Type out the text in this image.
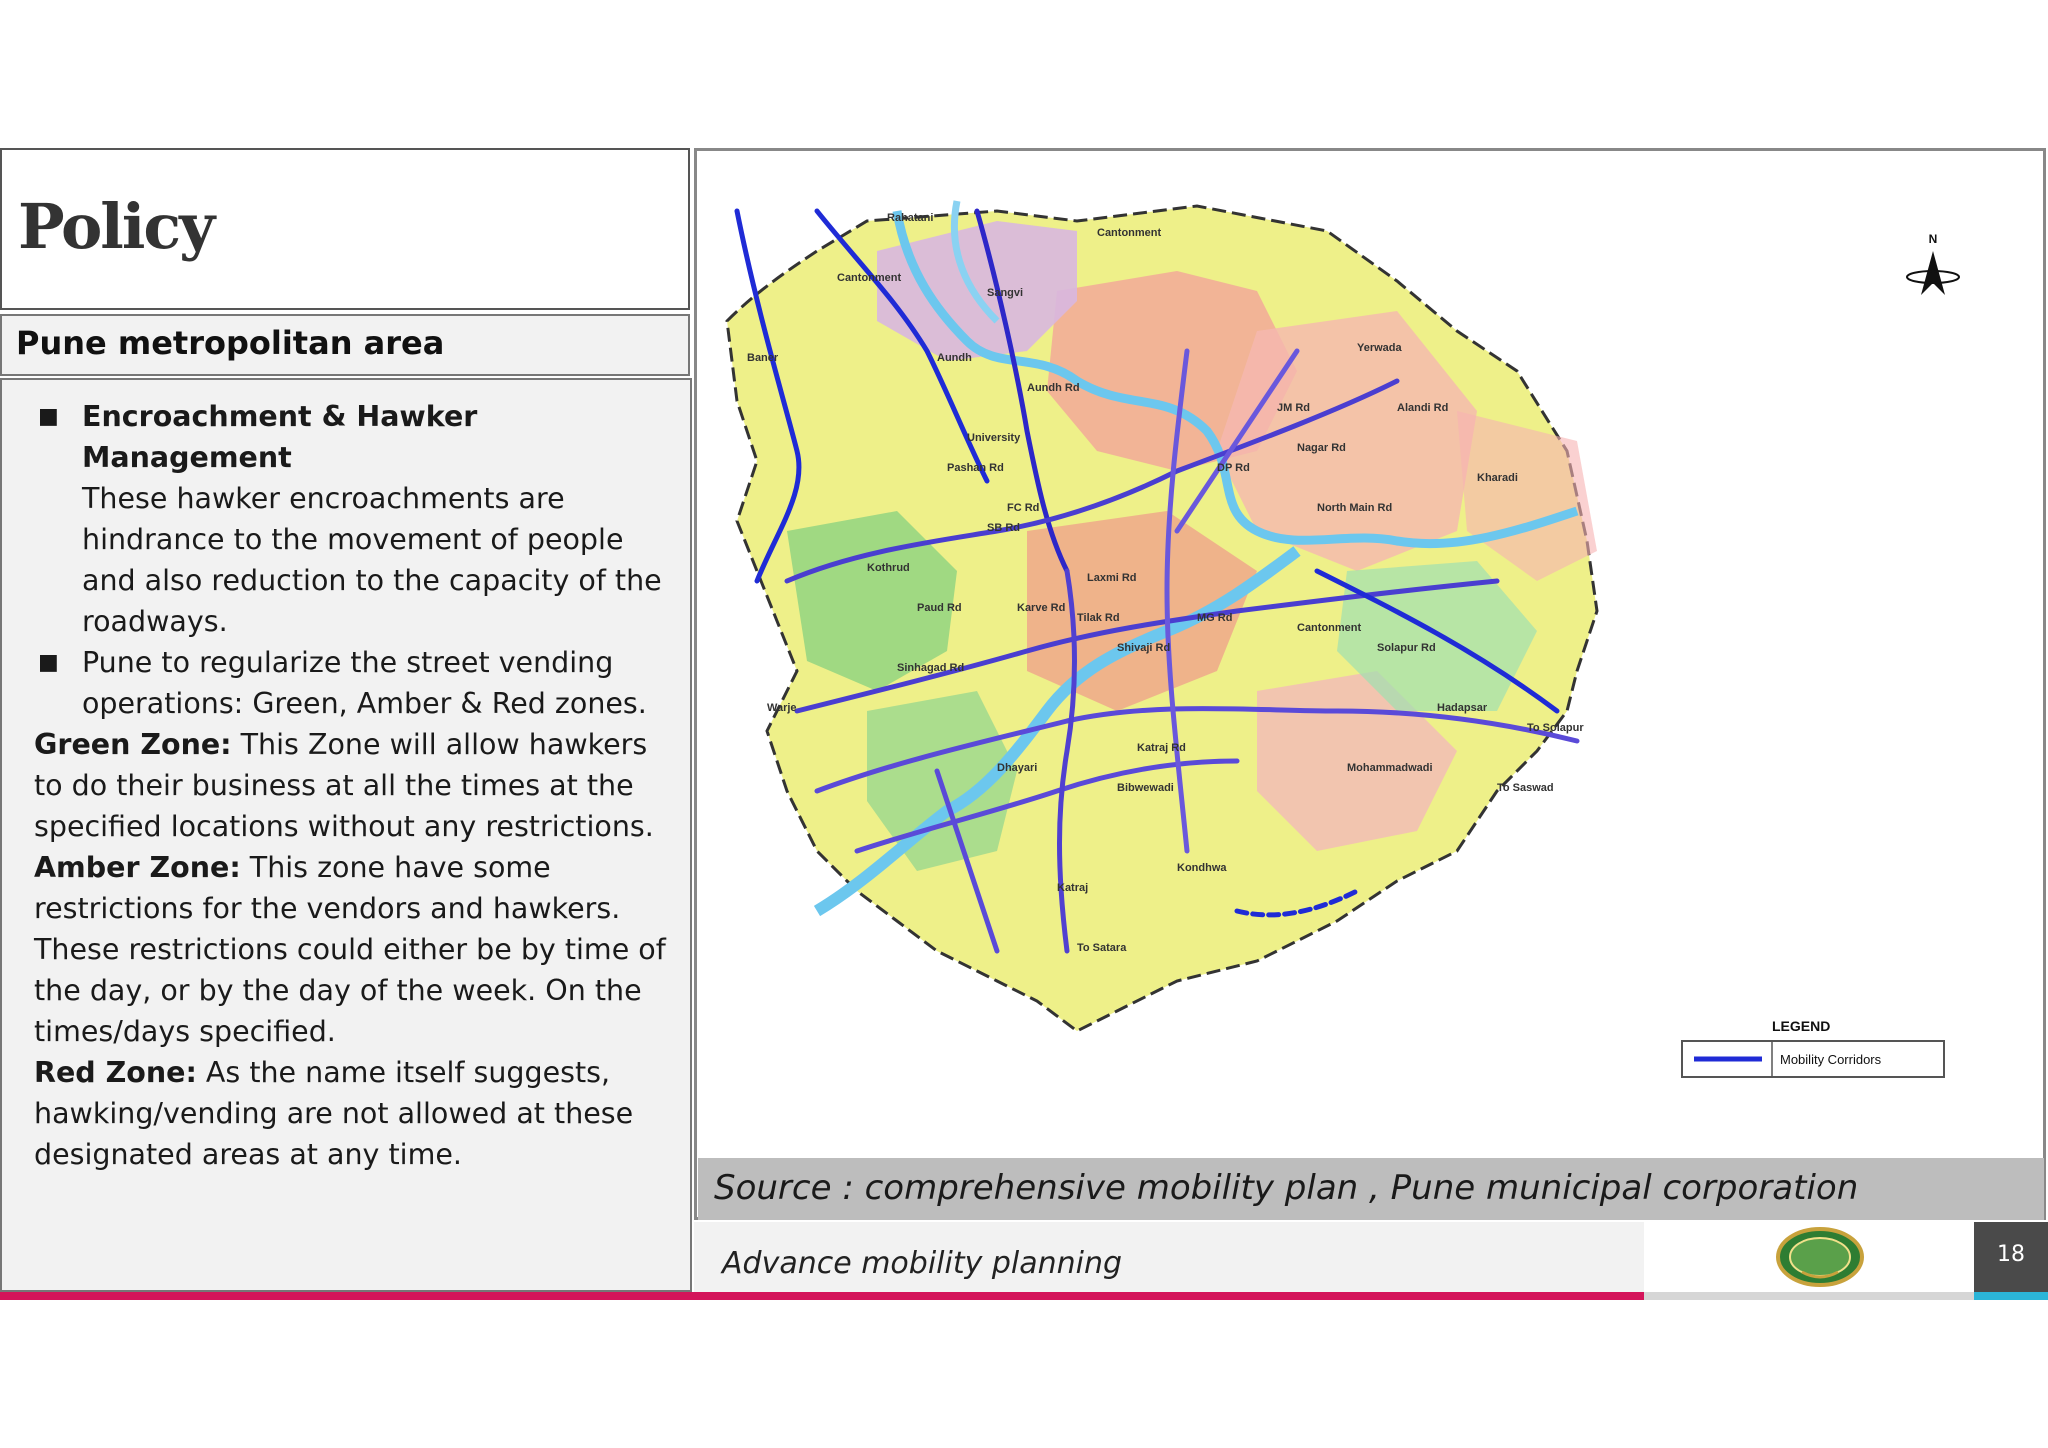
Policy
Pune metropolitan area
■ Encroachment & Hawker Management
These hawker encroachments are hindrance to the movement of people and also reduction to the capacity of the roadways.
■ Pune to regularize the street vending operations: Green, Amber & Red zones.
Green Zone: This Zone will allow hawkers to do their business at all the times at the specified locations without any restrictions.
Amber Zone: This zone have some restrictions for the vendors and hawkers. These restrictions could either be by time of the day, or by the day of the week. On the times/days specified.
Red Zone: As the name itself suggests, hawking/vending are not allowed at these designated areas at any time.
Rahatani
Cantonment
Cantonment
Sangvi
Baner	Aundh
Aundh Rd
University
Pashan Rd
Kothrud
Paud Rd	Karve Rd
Laxmi Rd
Tilak Rd
Shivaji Rd
MG Rd
Cantonment
Solapur Rd
To Solapur
To Saswad
Warje
Dhayari
Bibwewadi
Kondhwa
Mohammadwadi
Nagar Rd
DP Rd
North Main Rd
JM Rd
FC Rd
SB Rd
Alandi Rd
Katraj Rd
Sinhagad Rd
To Satara
Yerwada
Kharadi
Hadapsar
Katraj
N
LEGEND
Mobility Corridors
Source : comprehensive mobility plan , Pune municipal corporation
Advance mobility planning	18
